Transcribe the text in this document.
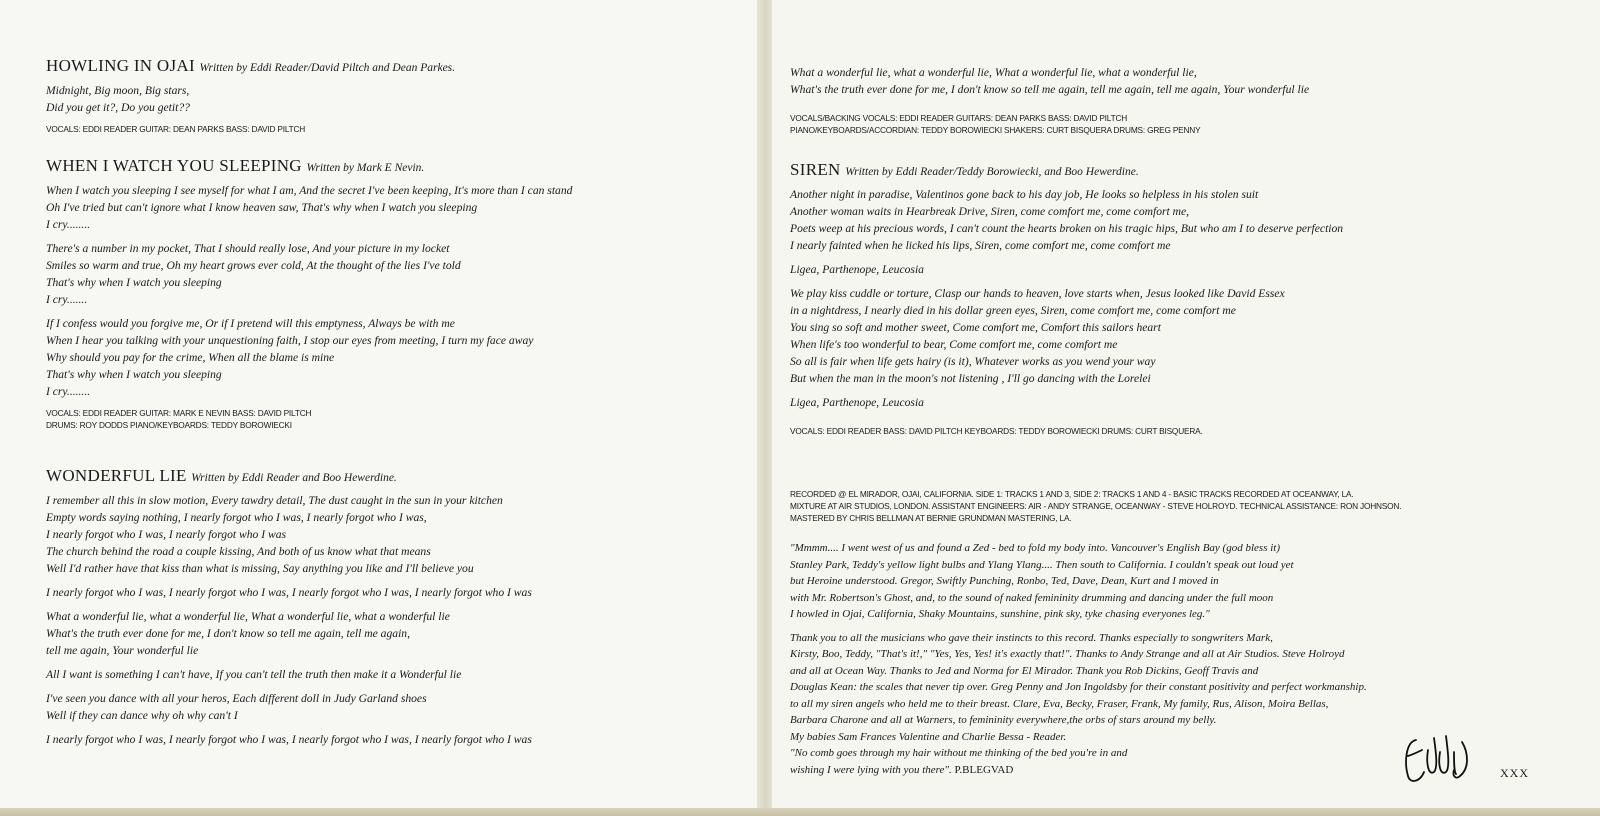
HOWLING IN OJAI Written by Eddi Reader/David Piltch and Dean Parkes.

Midnight, Big moon, Big stars,
Did you get it?, Do you getit??

VOCALS: EDDI READER GUITAR: DEAN PARKS BASS: DAVID PILTCH
WHEN I WATCH YOU SLEEPING Written by Mark E Nevin.

When I watch you sleeping I see myself for what I am, And the secret I've been keeping, It's more than I can stand
Oh I've tried but can't ignore what I know heaven saw, That's why when I watch you sleeping
I cry........

There's a number in my pocket, That I should really lose, And your picture in my locket
Smiles so warm and true, Oh my heart grows ever cold, At the thought of the lies I've told
That's why when I watch you sleeping
I cry.......

If I confess would you forgive me, Or if I pretend will this emptyness, Always be with me
When I hear you talking with your unquestioning faith, I stop our eyes from meeting, I turn my face away
Why should you pay for the crime, When all the blame is mine
That's why when I watch you sleeping
I cry........

VOCALS: EDDI READER GUITAR: MARK E NEVIN BASS: DAVID PILTCH
DRUMS: ROY DODDS PIANO/KEYBOARDS: TEDDY BOROWIECKI
WONDERFUL LIE Written by Eddi Reader and Boo Hewerdine.

I remember all this in slow motion, Every tawdry detail, The dust caught in the sun in your kitchen
Empty words saying nothing, I nearly forgot who I was, I nearly forgot who I was,
I nearly forgot who I was, I nearly forgot who I was
The church behind the road a couple kissing, And both of us know what that means
Well I'd rather have that kiss than what is missing, Say anything you like and I'll believe you

I nearly forgot who I was, I nearly forgot who I was, I nearly forgot who I was, I nearly forgot who I was

What a wonderful lie, what a wonderful lie, What a wonderful lie, what a wonderful lie
What's the truth ever done for me, I don't know so tell me again, tell me again,
tell me again, Your wonderful lie

All I want is something I can't have, If you can't tell the truth then make it a Wonderful lie

I've seen you dance with all your heros, Each different doll in Judy Garland shoes
Well if they can dance why oh why can't I

I nearly forgot who I was, I nearly forgot who I was, I nearly forgot who I was, I nearly forgot who I was

What a wonderful lie, what a wonderful lie, What a wonderful lie, what a wonderful lie,
What's the truth ever done for me, I don't know so tell me again, tell me again, tell me again, Your wonderful lie

VOCALS/BACKING VOCALS: EDDI READER GUITARS: DEAN PARKS BASS: DAVID PILTCH
PIANO/KEYBOARDS/ACCORDIAN: TEDDY BOROWIECKI SHAKERS: CURT BISQUERA DRUMS: GREG PENNY
SIREN Written by Eddi Reader/Teddy Borowiecki, and Boo Hewerdine.

Another night in paradise, Valentinos gone back to his day job, He looks so helpless in his stolen suit
Another woman waits in Hearbreak Drive, Siren, come comfort me, come comfort me,
Poets weep at his precious words, I can't count the hearts broken on his tragic hips, But who am I to deserve perfection
I nearly fainted when he licked his lips, Siren, come comfort me, come comfort me

Ligea, Parthenope, Leucosia

We play kiss cuddle or torture, Clasp our hands to heaven, love starts when, Jesus looked like David Essex
in a nightdress, I nearly died in his dollar green eyes, Siren, come comfort me, come comfort me
You sing so soft and mother sweet, Come comfort me, Comfort this sailors heart
When life's too wonderful to bear, Come comfort me, come comfort me
So all is fair when life gets hairy (is it), Whatever works as you wend your way
But when the man in the moon's not listening , I'll go dancing with the Lorelei

Ligea, Parthenope, Leucosia

VOCALS: EDDI READER BASS: DAVID PILTCH KEYBOARDS: TEDDY BOROWIECKI DRUMS: CURT BISQUERA.
RECORDED @ EL MIRADOR, OJAI, CALIFORNIA. SIDE 1: TRACKS 1 AND 3, SIDE 2: TRACKS 1 AND 4 - BASIC TRACKS RECORDED AT OCEANWAY, LA.
MIXTURE AT AIR STUDIOS, LONDON. ASSISTANT ENGINEERS: AIR - ANDY STRANGE, OCEANWAY - STEVE HOLROYD. TECHNICAL ASSISTANCE: RON JOHNSON.
MASTERED BY CHRIS BELLMAN AT BERNIE GRUNDMAN MASTERING, LA.

"Mmmm.... I went west of us and found a Zed - bed to fold my body into. Vancouver's English Bay (god bless it)
Stanley Park, Teddy's yellow light bulbs and Ylang Ylang.... Then south to California. I couldn't speak out loud yet
but Heroine understood. Gregor, Swiftly Punching, Ronbo, Ted, Dave, Dean, Kurt and I moved in
with Mr. Robertson's Ghost, and, to the sound of naked femininity drumming and dancing under the full moon
I howled in Ojai, California, Shaky Mountains, sunshine, pink sky, tyke chasing everyones leg."

Thank you to all the musicians who gave their instincts to this record. Thanks especially to songwriters Mark,
Kirsty, Boo, Teddy, "That's it!," "Yes, Yes, Yes! it's exactly that!". Thanks to Andy Strange and all at Air Studios. Steve Holroyd
and all at Ocean Way. Thanks to Jed and Norma for El Mirador. Thank you Rob Dickins, Geoff Travis and
Douglas Kean: the scales that never tip over. Greg Penny and Jon Ingoldsby for their constant positivity and perfect workmanship.
to all my siren angels who held me to their breast. Clare, Eva, Becky, Fraser, Frank, My family, Rus, Alison, Moira Bellas,
Barbara Charone and all at Warners, to femininity everywhere,the orbs of stars around my belly.
My babies Sam Frances Valentine and Charlie Bessa - Reader.

"No comb goes through my hair without me thinking of the bed you're in and
wishing I were lying with you there". P.BLEGVAD	XXX
